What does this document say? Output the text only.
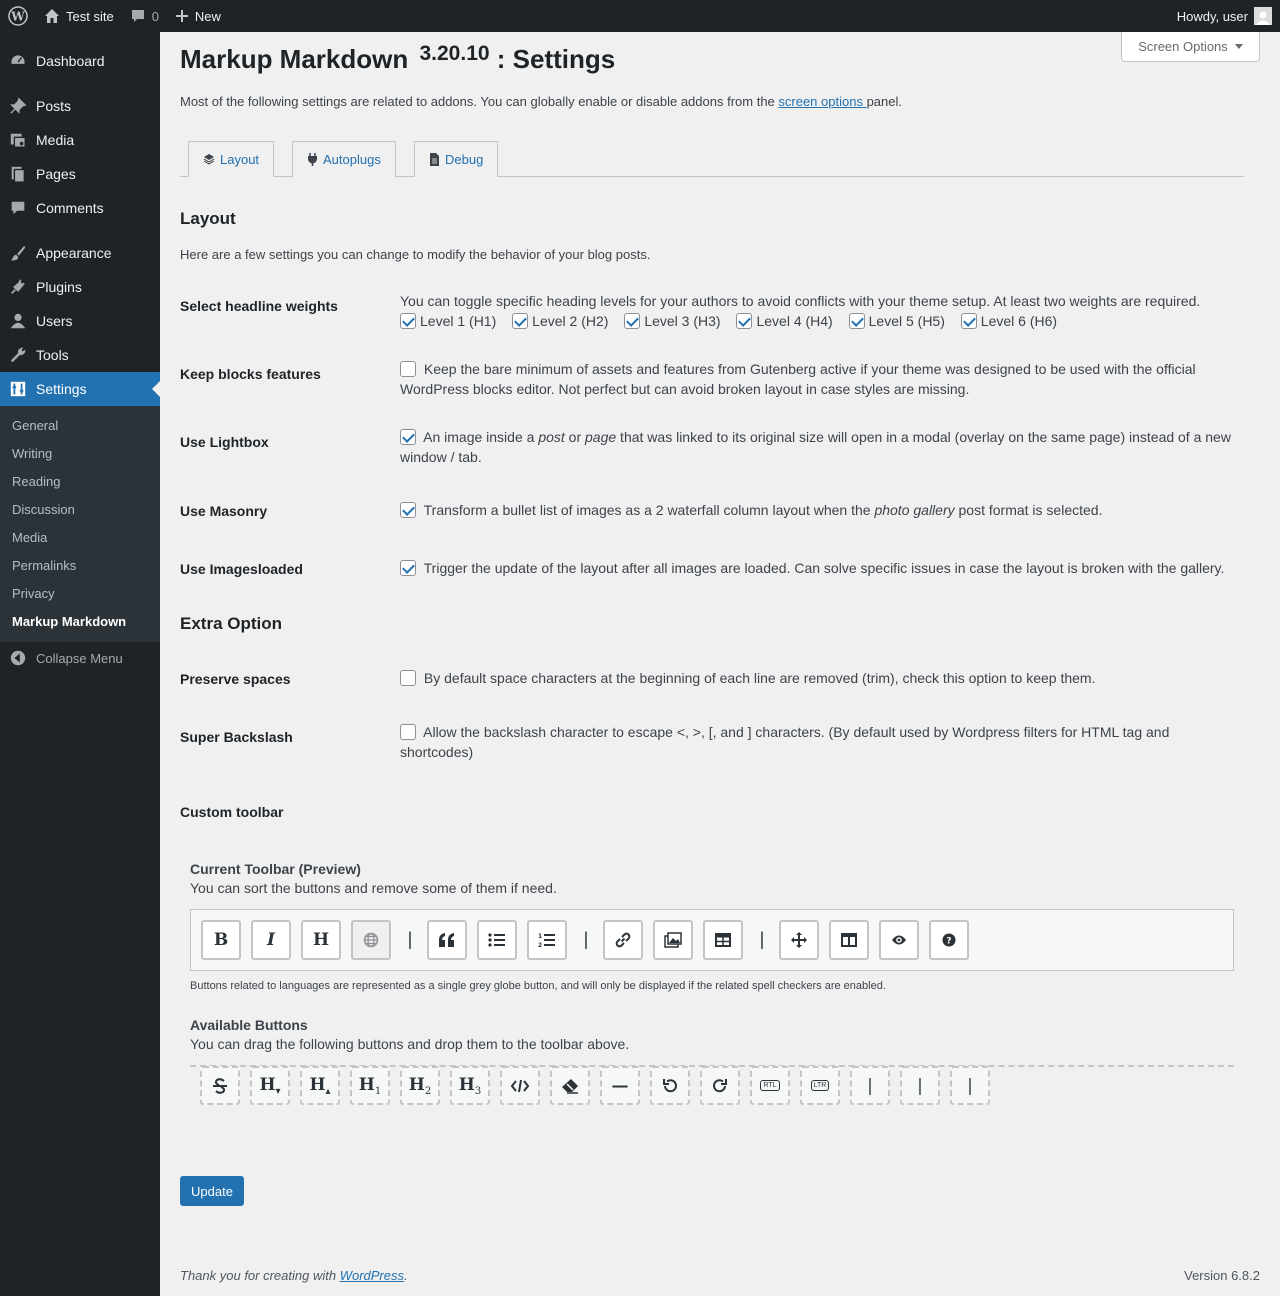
W	Test site	0	New	Howdy, user
Dashboard
Posts
Media
Pages
Comments
Appearance
Plugins
Users
Tools
Settings
General
Writing
Reading
Discussion
Media
Permalinks
Privacy
Markup Markdown
Collapse Menu
Screen Options
Markup Markdown $^{3.20.10}$ : Settings

Most of the following settings are related to addons. You can globally enable or disable addons from the screen options panel.

Layout	Autoplugs	Debug
Layout

Here are a few settings you can change to modify the behavior of your blog posts.

Select headline weights	You can toggle specific heading levels for your authors to avoid conflicts with your theme setup. At least two weights are required.
Level 1 (H1)	Level 2 (H2)	Level 3 (H3)	Level 4 (H4)	Level 5 (H5)	Level 6 (H6)
Keep blocks features	Keep the bare minimum of assets and features from Gutenberg active if your theme was designed to be used with the official WordPress blocks editor. Not perfect but can avoid broken layout in case styles are missing.
Use Lightbox	An image inside a post or page that was linked to its original size will open in a modal (overlay on the same page) instead of a new window / tab.
Use Masonry	Transform a bullet list of images as a 2 waterfall column layout when the photo gallery post format is selected.
Use Imagesloaded	Trigger the update of the layout after all images are loaded. Can solve specific issues in case the layout is broken with the gallery.
Extra Option
Preserve spaces	By default space characters at the beginning of each line are removed (trim), check this option to keep them.
Super Backslash	Allow the backslash character to escape <, >, [, and ] characters. (By default used by Wordpress filters for HTML tag and shortcodes)
Custom toolbar
Current Toolbar (Preview)
You can sort the buttons and remove some of them if need.
B I H	|	1
2 |	|	?

Buttons related to languages are represented as a single grey globe button, and will only be displayed if the related spell checkers are enabled.

Available Buttons
You can drag the following buttons and drop them to the toolbar above.
$H_▾$ $H_▴$ $H_1$ $H_2$ $H_3$	—	RTL	LTR |	|	|
Update

Thank you for creating with WordPress.	Version 6.8.2
